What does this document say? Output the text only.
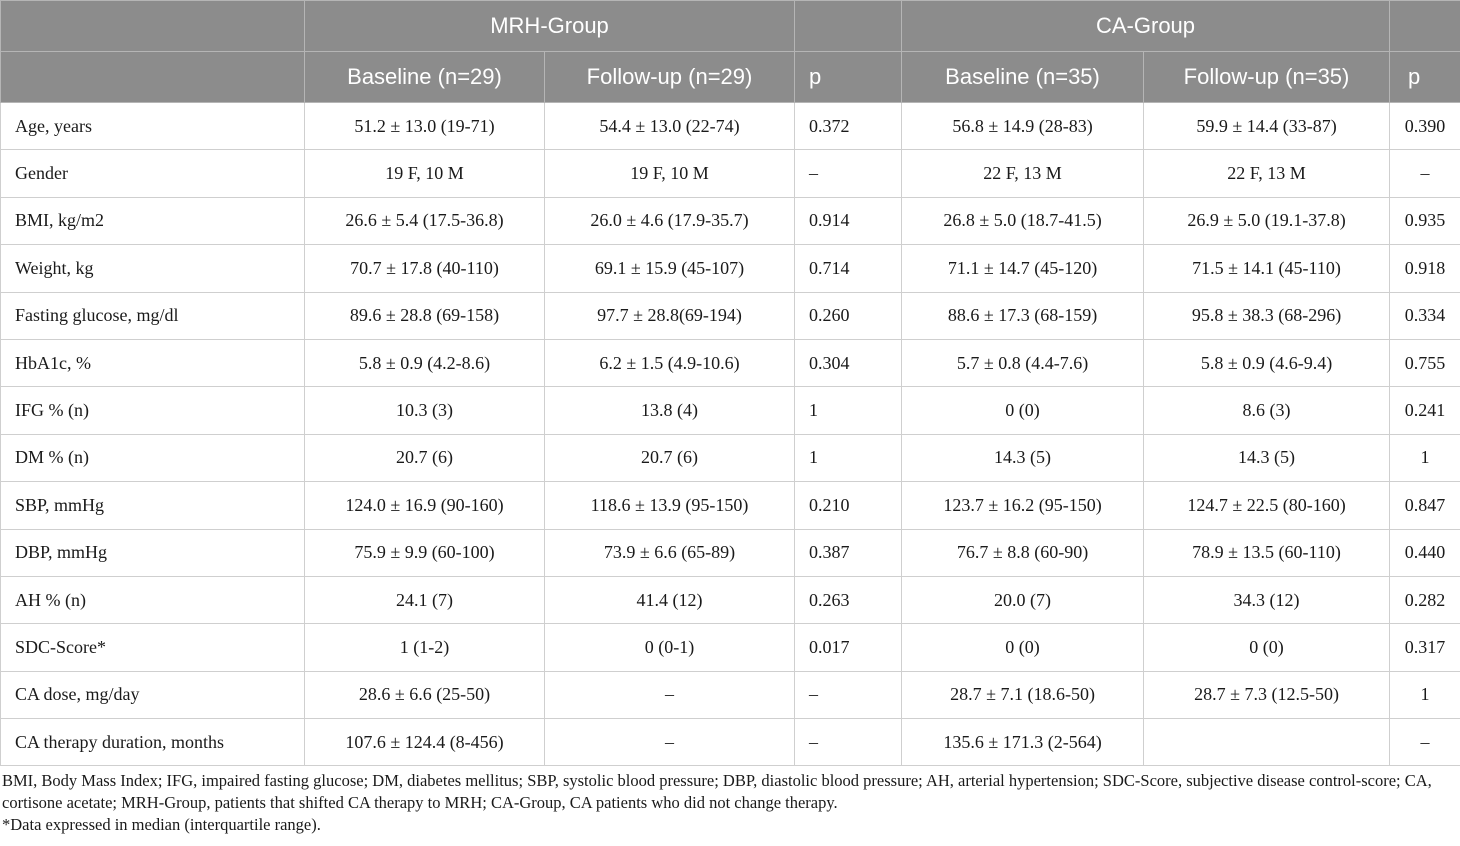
	MRH-Group			CA-Group		
	Baseline (n=29)	Follow-up (n=29)	p	Baseline (n=35)	Follow-up (n=35)	p
Age, years	51.2 ± 13.0 (19-71)	54.4 ± 13.0 (22-74)	0.372	56.8 ± 14.9 (28-83)	59.9 ± 14.4 (33-87)	0.390
Gender	19 F, 10 M	19 F, 10 M	–	22 F, 13 M	22 F, 13 M	–
BMI, kg/m2	26.6 ± 5.4 (17.5-36.8)	26.0 ± 4.6 (17.9-35.7)	0.914	26.8 ± 5.0 (18.7-41.5)	26.9 ± 5.0 (19.1-37.8)	0.935
Weight, kg	70.7 ± 17.8 (40-110)	69.1 ± 15.9 (45-107)	0.714	71.1 ± 14.7 (45-120)	71.5 ± 14.1 (45-110)	0.918
Fasting glucose, mg/dl	89.6 ± 28.8 (69-158)	97.7 ± 28.8(69-194)	0.260	88.6 ± 17.3 (68-159)	95.8 ± 38.3 (68-296)	0.334
HbA1c, %	5.8 ± 0.9 (4.2-8.6)	6.2 ± 1.5 (4.9-10.6)	0.304	5.7 ± 0.8 (4.4-7.6)	5.8 ± 0.9 (4.6-9.4)	0.755
IFG % (n)	10.3 (3)	13.8 (4)	1	0 (0)	8.6 (3)	0.241
DM % (n)	20.7 (6)	20.7 (6)	1	14.3 (5)	14.3 (5)	1
SBP, mmHg	124.0 ± 16.9 (90-160)	118.6 ± 13.9 (95-150)	0.210	123.7 ± 16.2 (95-150)	124.7 ± 22.5 (80-160)	0.847
DBP, mmHg	75.9 ± 9.9 (60-100)	73.9 ± 6.6 (65-89)	0.387	76.7 ± 8.8 (60-90)	78.9 ± 13.5 (60-110)	0.440
AH % (n)	24.1 (7)	41.4 (12)	0.263	20.0 (7)	34.3 (12)	0.282
SDC-Score*	1 (1-2)	0 (0-1)	0.017	0 (0)	0 (0)	0.317
CA dose, mg/day	28.6 ± 6.6 (25-50)	–	–	28.7 ± 7.1 (18.6-50)	28.7 ± 7.3 (12.5-50)	1
CA therapy duration, months	107.6 ± 124.4 (8-456)	–	–	135.6 ± 171.3 (2-564)		–

BMI, Body Mass Index; IFG, impaired fasting glucose; DM, diabetes mellitus; SBP, systolic blood pressure; DBP, diastolic blood pressure; AH, arterial hypertension; SDC-Score, subjective disease control-score; CA, cortisone acetate; MRH-Group, patients that shifted CA therapy to MRH; CA-Group, CA patients who did not change therapy.

*Data expressed in median (interquartile range).
